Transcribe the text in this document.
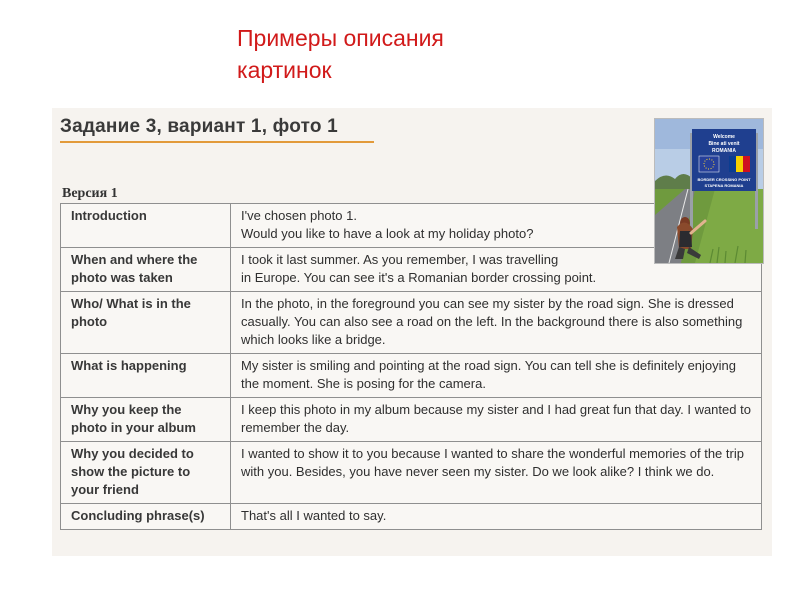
Примеры описания
картинок
Задание 3, вариант 1, фото 1
Версия 1
Introduction	I've chosen photo 1.
Would you like to have a look at my holiday photo?

When and where the photo was taken	I took it last summer. As you remember, I was travelling
in Europe. You can see it's a Romanian border crossing point.

Who/ What is in the photo	In the photo, in the foreground you can see my sister by the road sign. She is dressed casually. You can also see a road on the left. In the background there is also something which looks like a bridge.
What is happening	My sister is smiling and pointing at the road sign. You can tell she is definitely enjoying the moment. She is posing for the camera.
Why you keep the photo in your album	I keep this photo in my album because my sister and I had great fun that day. I wanted to remember the day.
Why you decided to show the picture to your friend	I wanted to show it to you because I wanted to share the wonderful memories of the trip with you. Besides, you have never seen my sister. Do we look alike? I think we do.
Concluding phrase(s)	That's all I wanted to say.
Welcome
Bine ati venit
ROMANIA
BORDER CROSSING POINT
STAPENA ROMANIA
